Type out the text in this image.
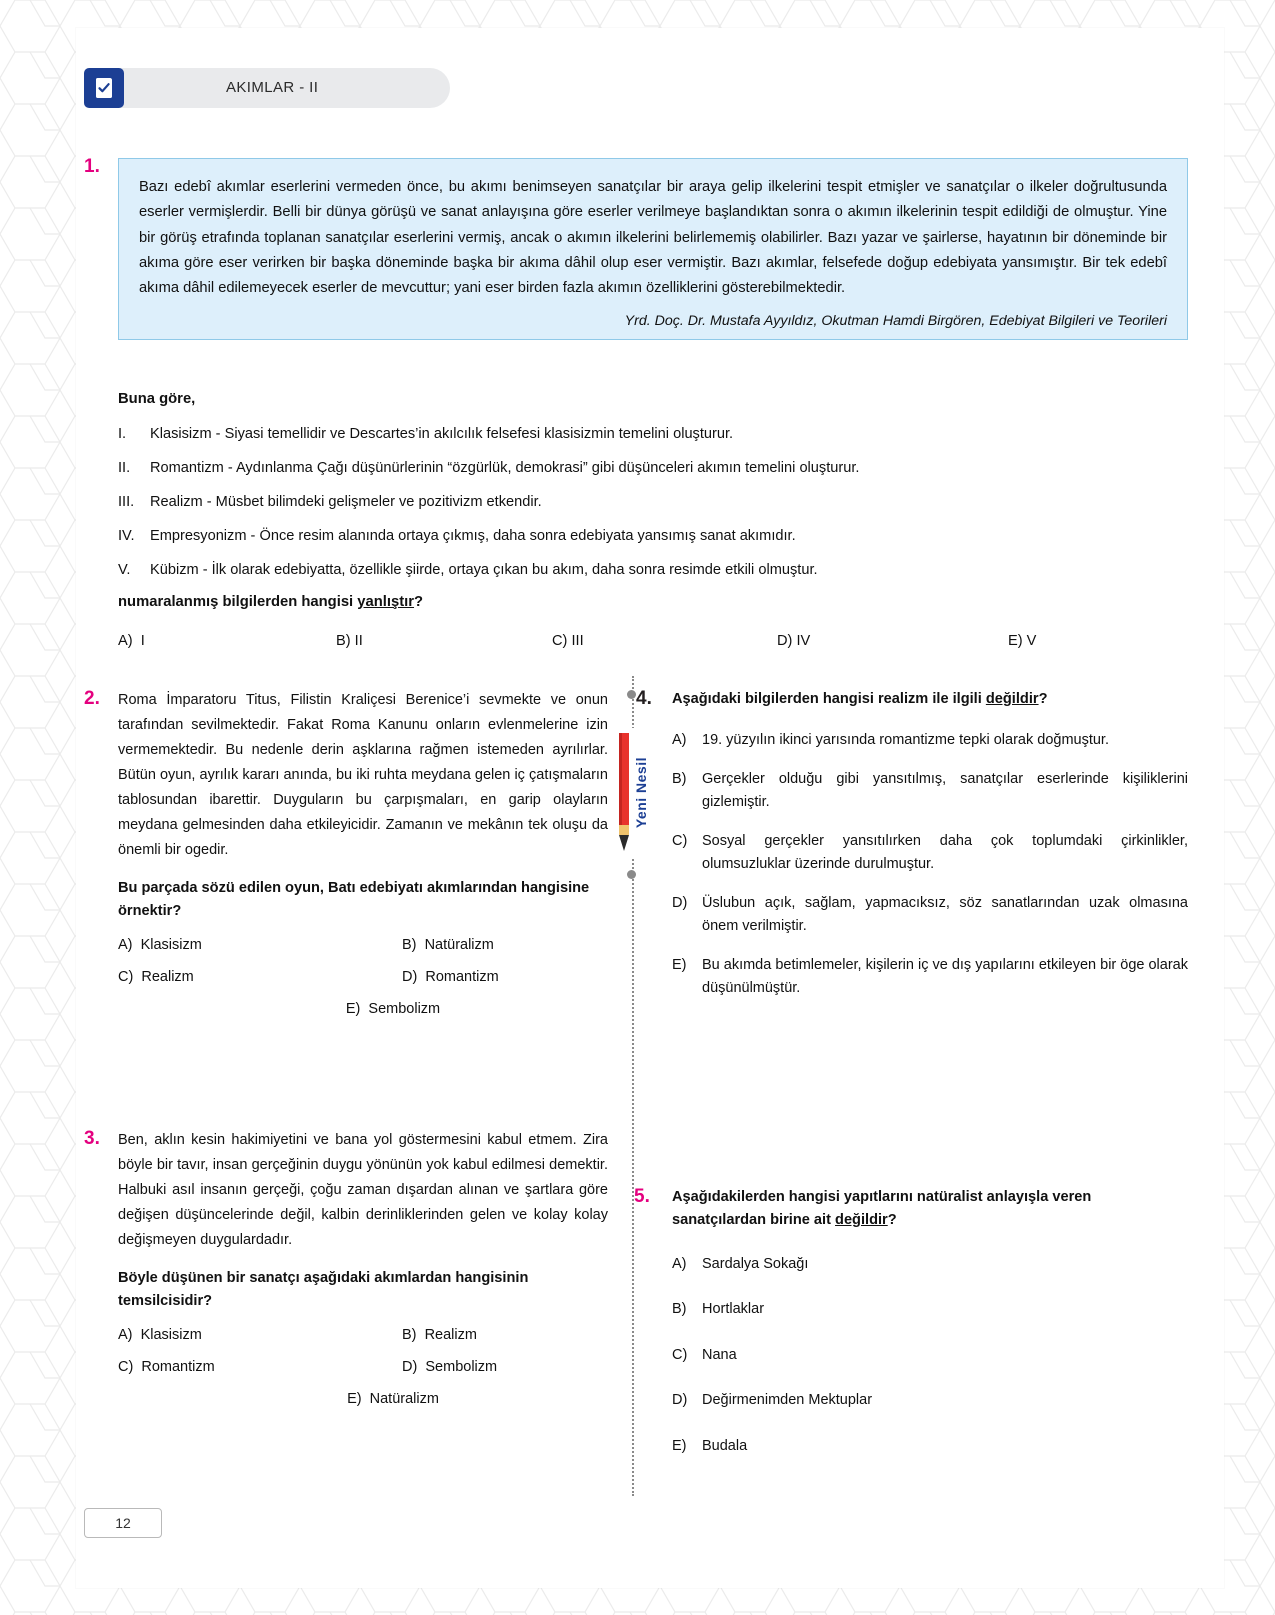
AKIMLAR - II
1.
Bazı edebî akımlar eserlerini vermeden önce, bu akımı benimseyen sanatçılar bir araya gelip ilkelerini tespit etmişler ve sanatçılar o ilkeler doğrultusunda eserler vermişlerdir. Belli bir dünya görüşü ve sanat anlayışına göre eserler verilmeye başlandıktan sonra o akımın ilkelerinin tespit edildiği de olmuştur. Yine bir görüş etrafında toplanan sanatçılar eserlerini vermiş, ancak o akımın ilkelerini belirlememiş olabilirler. Bazı yazar ve şairlerse, hayatının bir döneminde bir akıma göre eser verirken bir başka döneminde başka bir akıma dâhil olup eser vermiştir. Bazı akımlar, felsefede doğup edebiyata yansımıştır. Bir tek edebî akıma dâhil edilemeyecek eserler de mevcuttur; yani eser birden fazla akımın özelliklerini gösterebilmektedir.
Yrd. Doç. Dr. Mustafa Ayyıldız, Okutman Hamdi Birgören, Edebiyat Bilgileri ve Teorileri
Buna göre,
I. Klasisizm - Siyasi temellidir ve Descartes’in akılcılık felsefesi klasisizmin temelini oluşturur.
II. Romantizm - Aydınlanma Çağı düşünürlerinin “özgürlük, demokrasi” gibi düşünceleri akımın temelini oluşturur.
III. Realizm - Müsbet bilimdeki gelişmeler ve pozitivizm etkendir.
IV. Empresyonizm - Önce resim alanında ortaya çıkmış, daha sonra edebiyata yansımış sanat akımıdır.
V. Kübizm - İlk olarak edebiyatta, özellikle şiirde, ortaya çıkan bu akım, daha sonra resimde etkili olmuştur.
numaralanmış bilgilerden hangisi yanlıştır?
A) I	B) II	C) III	D) IV	E) V
Yeni Nesil
2. Roma İmparatoru Titus, Filistin Kraliçesi Berenice’i sevmekte ve onun tarafından sevilmektedir. Fakat Roma Kanunu onların evlenmelerine izin vermemektedir. Bu nedenle derin aşklarına rağmen istemeden ayrılırlar. Bütün oyun, ayrılık kararı anında, bu iki ruhta meydana gelen iç çatışmaların tablosundan ibarettir. Duyguların bu çarpışmaları, en garip olayların meydana gelmesinden daha etkileyicidir. Zamanın ve mekânın tek oluşu da önemli bir ogedir.
Bu parçada sözü edilen oyun, Batı edebiyatı akımlarından hangisine örnektir?
A) Klasisizm	B) Natüralizm
C) Realizm	D) Romantizm
E) Sembolizm
3. Ben, aklın kesin hakimiyetini ve bana yol göstermesini kabul etmem. Zira böyle bir tavır, insan gerçeğinin duygu yönünün yok kabul edilmesi demektir. Halbuki asıl insanın gerçeği, çoğu zaman dışardan alınan ve şartlara göre değişen düşüncelerinde değil, kalbin derinliklerinden gelen ve kolay kolay değişmeyen duygulardadır.
Böyle düşünen bir sanatçı aşağıdaki akımlardan hangisinin temsilcisidir?
A) Klasisizm	B) Realizm
C) Romantizm	D) Sembolizm
E) Natüralizm
4. Aşağıdaki bilgilerden hangisi realizm ile ilgili değildir?
A)	19. yüzyılın ikinci yarısında romantizme tepki olarak doğmuştur.
B)	Gerçekler olduğu gibi yansıtılmış, sanatçılar eserlerinde kişiliklerini gizlemiştir.
C)	Sosyal gerçekler yansıtılırken daha çok toplumdaki çirkinlikler, olumsuzluklar üzerinde durulmuştur.
D)	Üslubun açık, sağlam, yapmacıksız, söz sanatlarından uzak olmasına önem verilmiştir.
E)	Bu akımda betimlemeler, kişilerin iç ve dış yapılarını etkileyen bir öge olarak düşünülmüştür.
5. Aşağıdakilerden hangisi yapıtlarını natüralist anlayışla veren sanatçılardan birine ait değildir?
A)	Sardalya Sokağı
B)	Hortlaklar
C)	Nana
D)	Değirmenimden Mektuplar
E)	Budala
12
